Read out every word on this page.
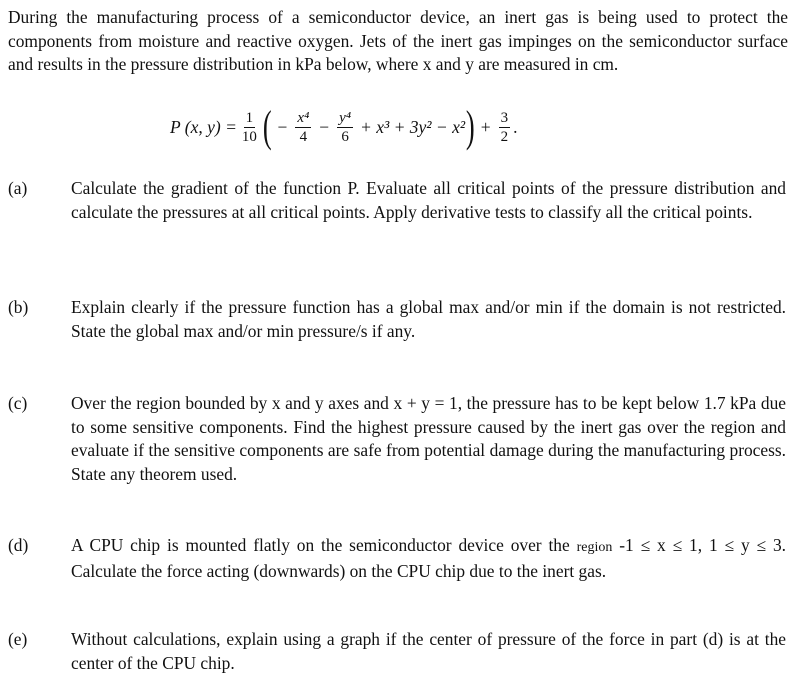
During the manufacturing process of a semiconductor device, an inert gas is being used to protect the components from moisture and reactive oxygen. Jets of the inert gas impinges on the semiconductor surface and results in the pressure distribution in kPa below, where x and y are measured in cm.
P (x, $y) = \frac{1}{10}$ ( − $\frac{\text{x⁴}}{4} - \frac{\text{y⁴}}{6} + x^3 + 3y^2 - x^2$ ) + $\frac{3}{2}$ .
(a)	Calculate the gradient of the function P. Evaluate all critical points of the pressure distribution and calculate the pressures at all critical points. Apply derivative tests to classify all the critical points.
(b) Explain clearly if the pressure function has a global max and/or min if the domain is not restricted. State the global max and/or min pressure/s if any.
(c)	Over the region bounded by x and y axes and x + y = 1, the pressure has to be kept below 1.7 kPa due to some sensitive components. Find the highest pressure caused by the inert gas over the region and evaluate if the sensitive components are safe from potential damage during the manufacturing process. State any theorem used.
(d) A CPU chip is mounted flatly on the semiconductor device over the region -1 ≤ x ≤ 1, 1 ≤ y ≤ 3. Calculate the force acting (downwards) on the CPU chip due to the inert gas.
(e)	Without calculations, explain using a graph if the center of pressure of the force in part (d) is at the center of the CPU chip.
